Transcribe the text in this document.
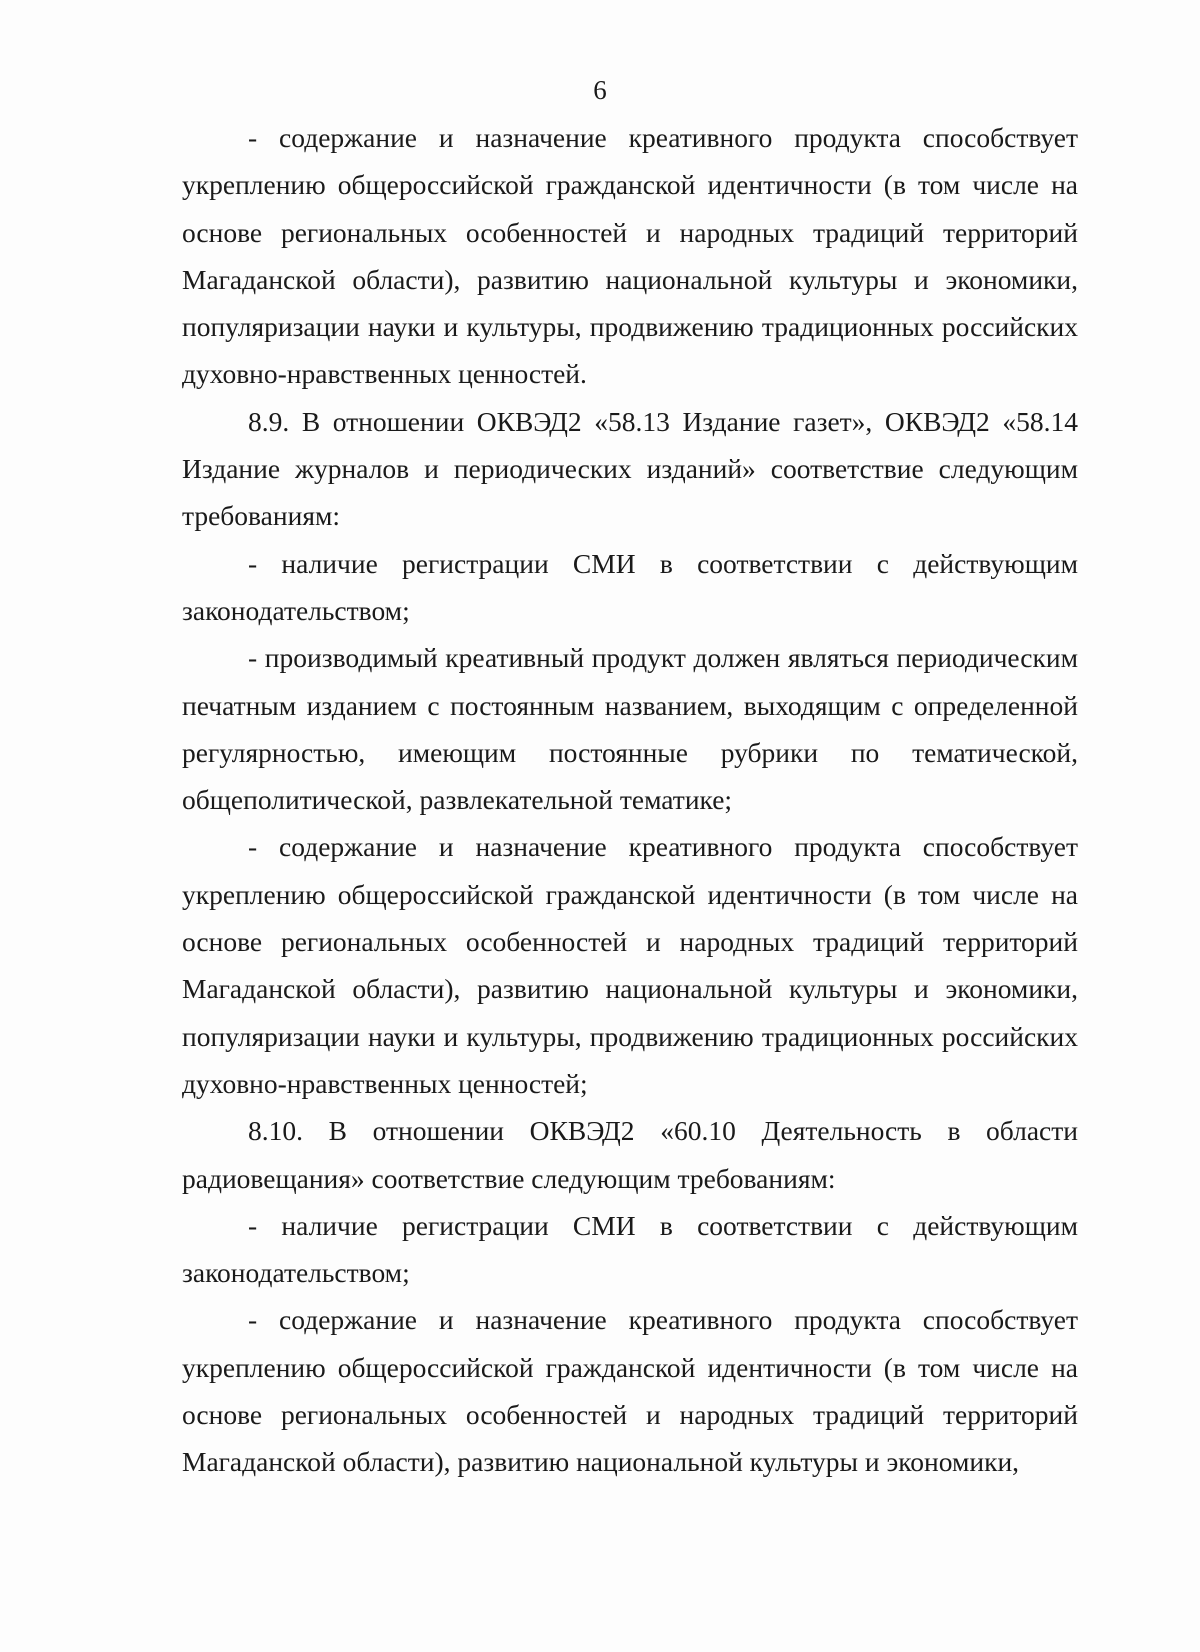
6

- содержание и назначение креативного продукта способствует укреплению общероссийской гражданской идентичности (в том числе на основе региональных особенностей и народных традиций территорий Магаданской области), развитию национальной культуры и экономики, популяризации науки и культуры, продвижению традиционных российских духовно-нравственных ценностей.

8.9. В отношении ОКВЭД2 «58.13 Издание газет», ОКВЭД2 «58.14 Издание журналов и периодических изданий» соответствие следующим требованиям:

- наличие регистрации СМИ в соответствии с действующим законодательством;

- производимый креативный продукт должен являться периодическим печатным изданием с постоянным названием, выходящим с определенной регулярностью, имеющим постоянные рубрики по тематической, общеполитической, развлекательной тематике;

- содержание и назначение креативного продукта способствует укреплению общероссийской гражданской идентичности (в том числе на основе региональных особенностей и народных традиций территорий Магаданской области), развитию национальной культуры и экономики, популяризации науки и культуры, продвижению традиционных российских духовно-нравственных ценностей;

8.10. В отношении ОКВЭД2 «60.10 Деятельность в области радиовещания» соответствие следующим требованиям:

- наличие регистрации СМИ в соответствии с действующим законодательством;

- содержание и назначение креативного продукта способствует укреплению общероссийской гражданской идентичности (в том числе на основе региональных особенностей и народных традиций территорий Магаданской области), развитию национальной культуры и экономики,
